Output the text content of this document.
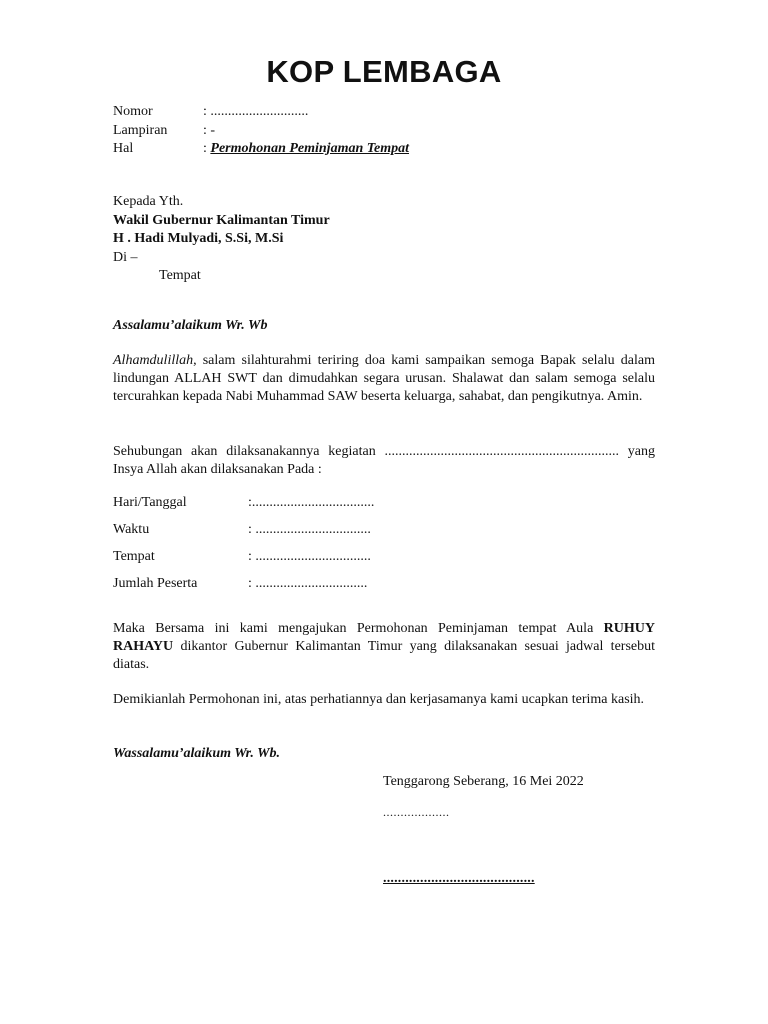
KOP LEMBAGA
Nomor	: ............................
Lampiran	: -
Hal	: Permohonan Peminjaman Tempat
Kepada Yth.
Wakil Gubernur Kalimantan Timur
H . Hadi Mulyadi, S.Si, M.Si
Di –
Tempat
Assalamu’alaikum Wr. Wb
Alhamdulillah, salam silahturahmi teriring doa kami sampaikan semoga Bapak selalu dalam lindungan ALLAH SWT dan dimudahkan segara urusan. Shalawat dan salam semoga selalu tercurahkan kepada Nabi Muhammad SAW beserta keluarga, sahabat, dan pengikutnya. Amin.
Sehubungan akan dilaksanakannya kegiatan ................................................................... yang Insya Allah akan dilaksanakan Pada :
Hari/Tanggal	:...................................
Waktu	: .................................
Tempat	: .................................
Jumlah Peserta	: ................................
Maka Bersama ini kami mengajukan Permohonan Peminjaman tempat Aula RUHUY RAHAYU dikantor Gubernur Kalimantan Timur yang dilaksanakan sesuai jadwal tersebut diatas.
Demikianlah Permohonan ini, atas perhatiannya dan kerjasamanya kami ucapkan terima kasih.
Wassalamu’alaikum Wr. Wb.
Tenggarong Seberang, 16 Mei 2022
...................
.........................................
